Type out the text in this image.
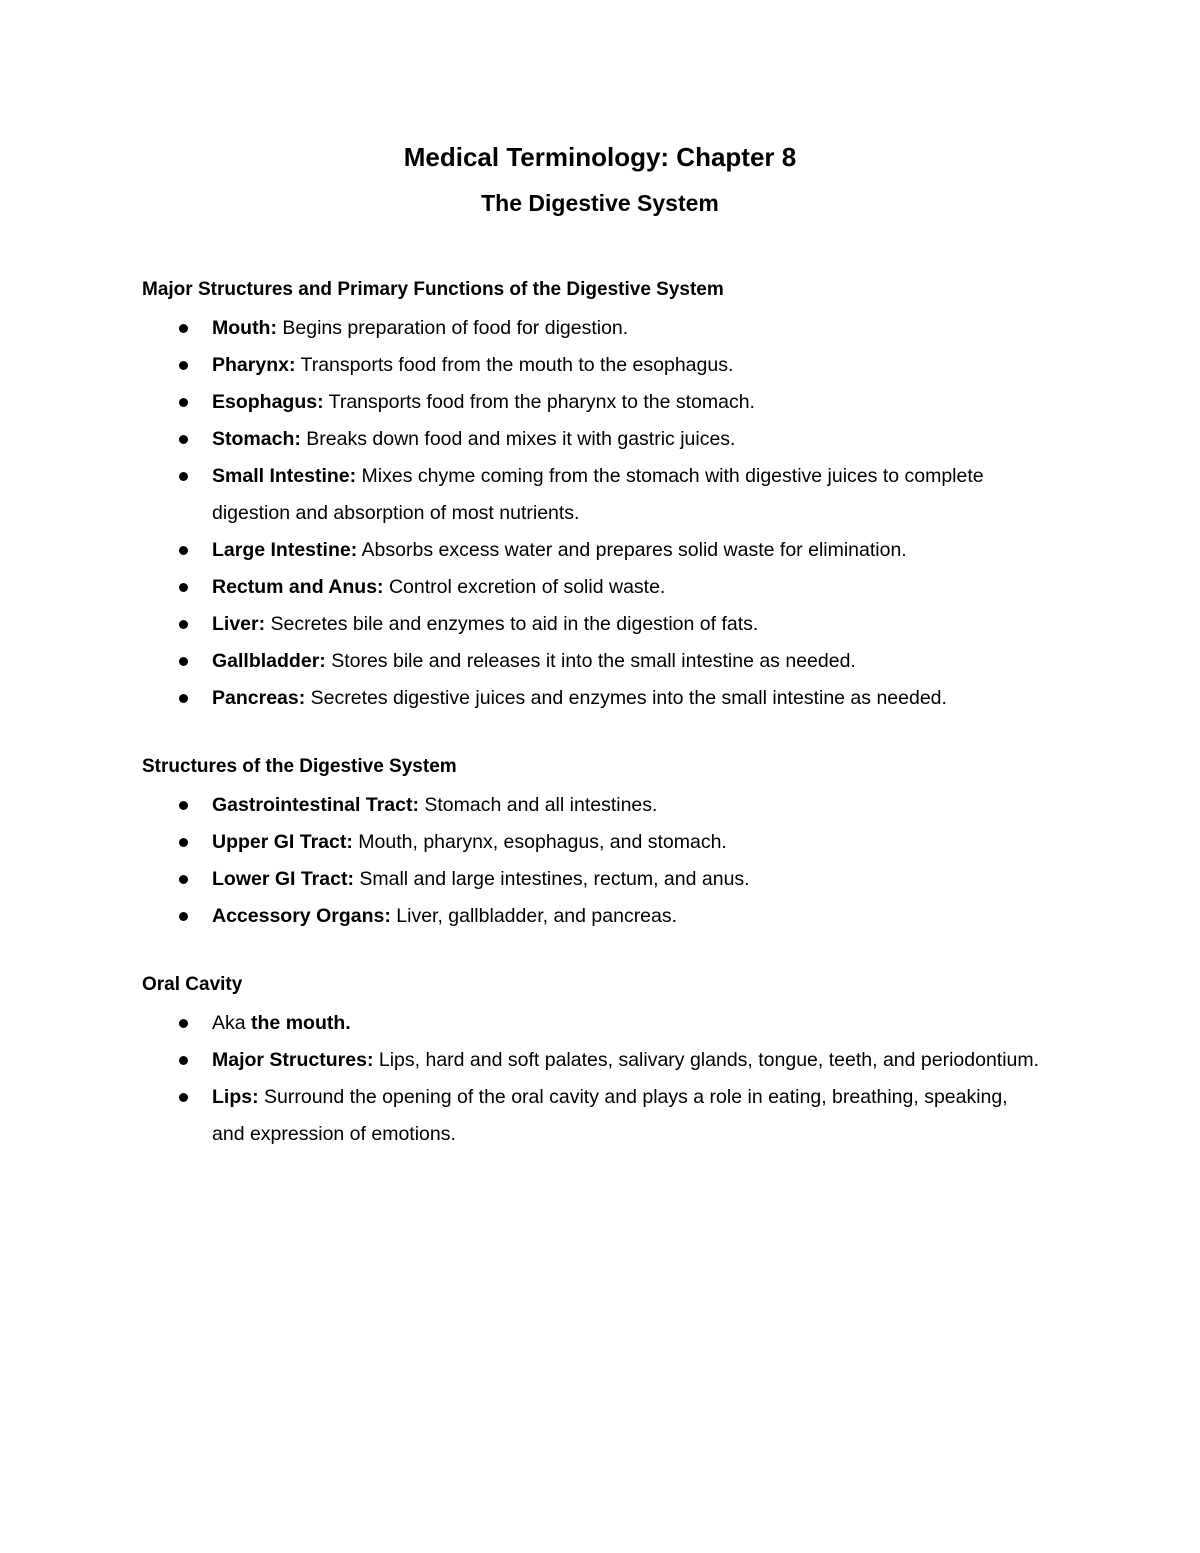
Medical Terminology: Chapter 8
The Digestive System
Major Structures and Primary Functions of the Digestive System
Mouth: Begins preparation of food for digestion.
Pharynx: Transports food from the mouth to the esophagus.
Esophagus: Transports food from the pharynx to the stomach.
Stomach: Breaks down food and mixes it with gastric juices.
Small Intestine: Mixes chyme coming from the stomach with digestive juices to complete digestion and absorption of most nutrients.
Large Intestine: Absorbs excess water and prepares solid waste for elimination.
Rectum and Anus: Control excretion of solid waste.
Liver: Secretes bile and enzymes to aid in the digestion of fats.
Gallbladder: Stores bile and releases it into the small intestine as needed.
Pancreas: Secretes digestive juices and enzymes into the small intestine as needed.
Structures of the Digestive System
Gastrointestinal Tract: Stomach and all intestines.
Upper GI Tract: Mouth, pharynx, esophagus, and stomach.
Lower GI Tract: Small and large intestines, rectum, and anus.
Accessory Organs: Liver, gallbladder, and pancreas.
Oral Cavity
Aka the mouth.
Major Structures: Lips, hard and soft palates, salivary glands, tongue, teeth, and periodontium.
Lips: Surround the opening of the oral cavity and plays a role in eating, breathing, speaking, and expression of emotions.
